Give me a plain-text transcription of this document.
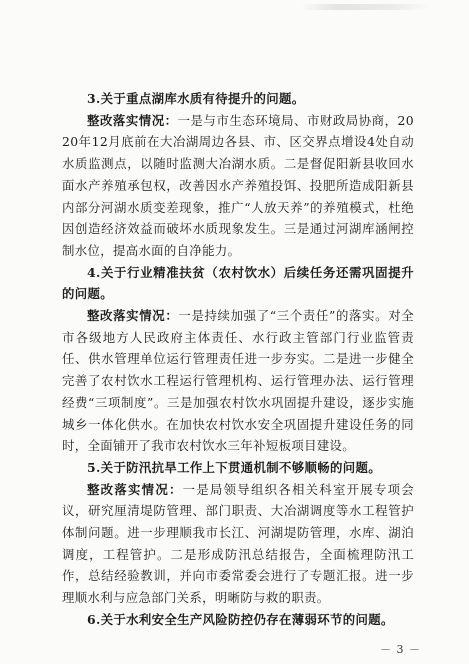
3.关于重点湖库水质有待提升的问题。

整改落实情况：一是与市生态环境局、市财政局协商，2020年12月底前在大冶湖周边各县、市、区交界点增设4处自动水质监测点，以随时监测大冶湖水质。二是督促阳新县收回水面水产养殖承包权，改善因水产养殖投饵、投肥所造成阳新县内部分河湖水质变差现象，推广“人放天养”的养殖模式，杜绝因创造经济效益而破坏水质现象发生。三是通过河湖库涵闸控制水位，提高水面的自净能力。

4.关于行业精准扶贫（农村饮水）后续任务还需巩固提升的问题。

整改落实情况：一是持续加强了“三个责任”的落实。对全市各级地方人民政府主体责任、水行政主管部门行业监管责任、供水管理单位运行管理责任进一步夯实。二是进一步健全完善了农村饮水工程运行管理机构、运行管理办法、运行管理经费“三项制度”。三是加强农村饮水巩固提升建设，逐步实施城乡一体化供水。在加快农村饮水安全巩固提升建设任务的同时，全面铺开了我市农村饮水三年补短板项目建设。

5.关于防汛抗旱工作上下贯通机制不够顺畅的问题。

整改落实情况：一是局领导组织各相关科室开展专项会议，研究厘清堤防管理、部门职责、大冶湖调度等水工程管护体制问题。进一步理顺我市长江、河湖堤防管理，水库、湖泊调度，工程管护。二是形成防汛总结报告，全面梳理防汛工作，总结经验教训，并向市委常委会进行了专题汇报。进一步理顺水利与应急部门关系，明晰防与救的职责。

6.关于水利安全生产风险防控仍存在薄弱环节的问题。

－ 3 －
